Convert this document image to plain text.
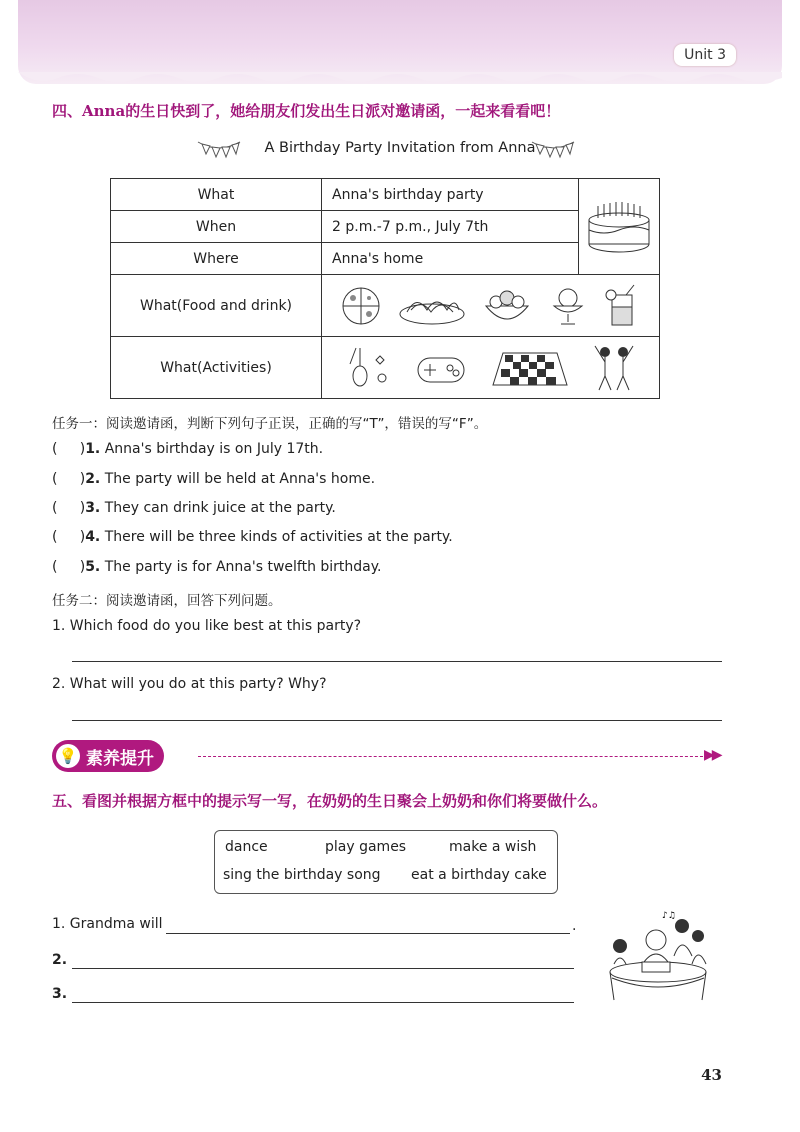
Unit 3
四、Anna的生日快到了，她给朋友们发出生日派对邀请函，一起来看看吧！
A Birthday Party Invitation from Anna
What	Anna's birthday party	
When	2 p.m.-7 p.m., July 7th	
Where	Anna's home	
What(Food and drink)	

What(Activities)	
任务一：阅读邀请函，判断下列句子正误，正确的写“T”，错误的写“F”。
(     )1. Anna's birthday is on July 17th.
(     )2. The party will be held at Anna's home.
(     )3. They can drink juice at the party.
(     )4. There will be three kinds of activities at the party.
(     )5. The party is for Anna's twelfth birthday.
任务二：阅读邀请函，回答下列问题。
1. Which food do you like best at this party?
2. What will you do at this party? Why?
💡 素养提升	▶▶
五、看图并根据方框中的提示写一写，在奶奶的生日聚会上奶奶和你们将要做什么。
dance	play games	make a wish
sing the birthday song eat a birthday cake
1. Grandma will	.
2.
3.
♪♫
43
